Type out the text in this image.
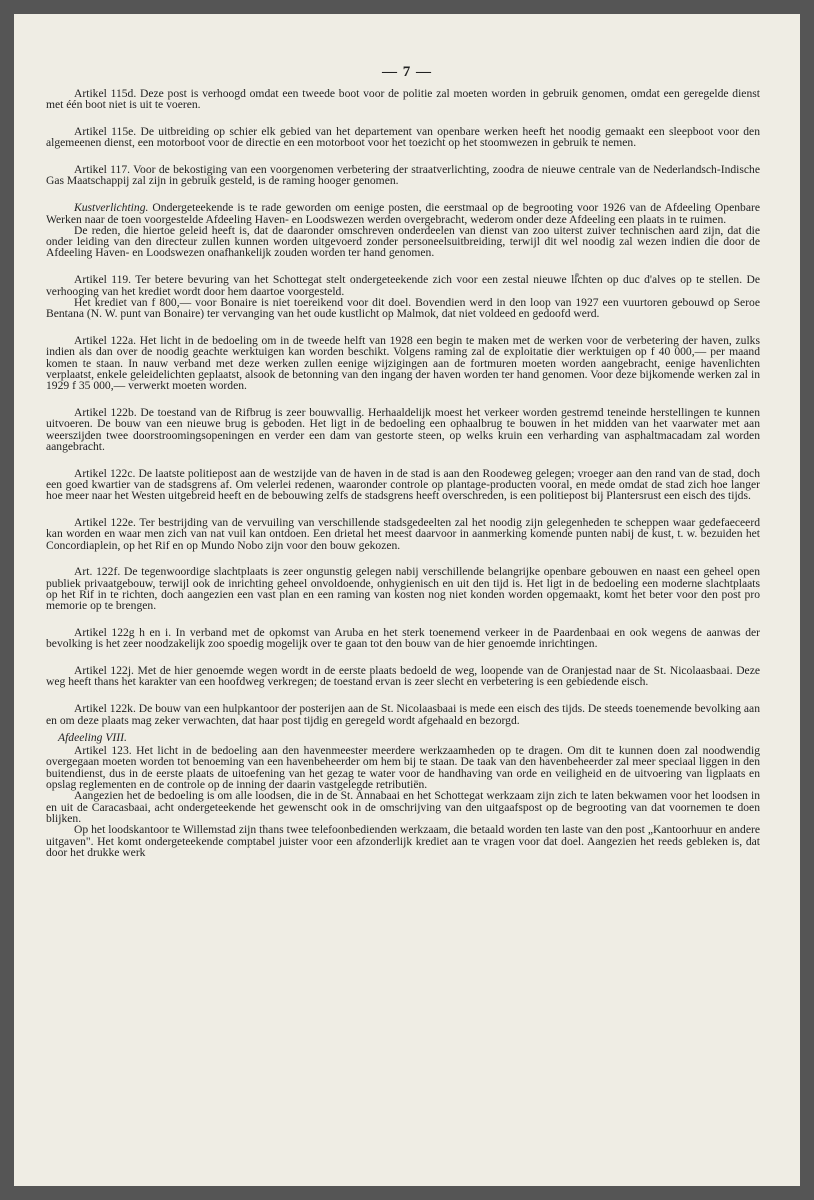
— 7 —

Artikel 115d. Deze post is verhoogd omdat een tweede boot voor de politie zal moeten worden in gebruik genomen, omdat een geregelde dienst met één boot niet is uit te voeren.

Artikel 115e. De uitbreiding op schier elk gebied van het departement van openbare werken heeft het noodig gemaakt een sleepboot voor den algemeenen dienst, een motorboot voor de directie en een motorboot voor het toezicht op het stoomwezen in gebruik te nemen.

Artikel 117. Voor de bekostiging van een voorgenomen verbetering der straatverlichting, zoodra de nieuwe centrale van de Nederlandsch-Indische Gas Maatschappij zal zijn in gebruik gesteld, is de raming hooger genomen.

Kustverlichting. Ondergeteekende is te rade geworden om eenige posten, die eerstmaal op de begrooting voor 1926 van de Afdeeling Openbare Werken naar de toen voorgestelde Afdeeling Haven- en Loodswezen werden overgebracht, wederom onder deze Afdeeling een plaats in te ruimen.

De reden, die hiertoe geleid heeft is, dat de daaronder omschreven onderdeelen van dienst van zoo uiterst zuiver technischen aard zijn, dat die onder leiding van den directeur zullen kunnen worden uitgevoerd zonder personeelsuitbreiding, terwijl dit wel noodig zal wezen indien die door de Afdeeling Haven- en Loodswezen onafhankelijk zouden worden ter hand genomen.

Artikel 119. Ter betere bevuring van het Schottegat stelt ondergeteekende zich voor een zestal nieuwe lichten op duc d'alves op te stellen. De verhooging van het krediet wordt door hem daartoe voorgesteld.

Het krediet van f 800,— voor Bonaire is niet toereikend voor dit doel. Bovendien werd in den loop van 1927 een vuurtoren gebouwd op Seroe Bentana (N. W. punt van Bonaire) ter vervanging van het oude kustlicht op Malmok, dat niet voldeed en gedoofd werd.

Artikel 122a. Het licht in de bedoeling om in de tweede helft van 1928 een begin te maken met de werken voor de verbetering der haven, zulks indien als dan over de noodig geachte werktuigen kan worden beschikt. Volgens raming zal de exploitatie dier werktuigen op f 40 000,— per maand komen te staan. In nauw verband met deze werken zullen eenige wijzigingen aan de fortmuren moeten worden aangebracht, eenige havenlichten verplaatst, enkele geleidelichten geplaatst, alsook de betonning van den ingang der haven worden ter hand genomen. Voor deze bijkomende werken zal in 1929 f 35 000,— verwerkt moeten worden.

Artikel 122b. De toestand van de Rifbrug is zeer bouwvallig. Herhaaldelijk moest het verkeer worden gestremd teneinde herstellingen te kunnen uitvoeren. De bouw van een nieuwe brug is geboden. Het ligt in de bedoeling een ophaalbrug te bouwen in het midden van het vaarwater met aan weerszijden twee doorstroomingsopeningen en verder een dam van gestorte steen, op welks kruin een verharding van asphaltmacadam zal worden aangebracht.

Artikel 122c. De laatste politiepost aan de westzijde van de haven in de stad is aan den Roodeweg gelegen; vroeger aan den rand van de stad, doch een goed kwartier van de stadsgrens af. Om velerlei redenen, waaronder controle op plantage-producten vooral, en mede omdat de stad zich hoe langer hoe meer naar het Westen uitgebreid heeft en de bebouwing zelfs de stadsgrens heeft overschreden, is een politiepost bij Plantersrust een eisch des tijds.

Artikel 122e. Ter bestrijding van de vervuiling van verschillende stadsgedeelten zal het noodig zijn gelegenheden te scheppen waar gedefaeceerd kan worden en waar men zich van nat vuil kan ontdoen. Een drietal het meest daarvoor in aanmerking komende punten nabij de kust, t. w. bezuiden het Concordiaplein, op het Rif en op Mundo Nobo zijn voor den bouw gekozen.

Art. 122f. De tegenwoordige slachtplaats is zeer ongunstig gelegen nabij verschillende belangrijke openbare gebouwen en naast een geheel open publiek privaatgebouw, terwijl ook de inrichting geheel onvoldoende, onhygienisch en uit den tijd is. Het ligt in de bedoeling een moderne slachtplaats op het Rif in te richten, doch aangezien een vast plan en een raming van kosten nog niet konden worden opgemaakt, komt het beter voor den post pro memorie op te brengen.

Artikel 122g h en i. In verband met de opkomst van Aruba en het sterk toenemend verkeer in de Paardenbaai en ook wegens de aanwas der bevolking is het zeer noodzakelijk zoo spoedig mogelijk over te gaan tot den bouw van de hier genoemde inrichtingen.

Artikel 122j. Met de hier genoemde wegen wordt in de eerste plaats bedoeld de weg, loopende van de Oranjestad naar de St. Nicolaasbaai. Deze weg heeft thans het karakter van een hoofdweg verkregen; de toestand ervan is zeer slecht en verbetering is een gebiedende eisch.

Artikel 122k. De bouw van een hulpkantoor der posterijen aan de St. Nicolaasbaai is mede een eisch des tijds. De steeds toenemende bevolking aan en om deze plaats mag zeker verwachten, dat haar post tijdig en geregeld wordt afgehaald en bezorgd.

Afdeeling VIII.

Artikel 123. Het licht in de bedoeling aan den havenmeester meerdere werkzaamheden op te dragen. Om dit te kunnen doen zal noodwendig overgegaan moeten worden tot benoeming van een havenbeheerder om hem bij te staan. De taak van den havenbeheerder zal meer speciaal liggen in den buitendienst, dus in de eerste plaats de uitoefening van het gezag te water voor de handhaving van orde en veiligheid en de uitvoering van ligplaats en opslag reglementen en de controle op de inning der daarin vastgelegde retributiën.

Aangezien het de bedoeling is om alle loodsen, die in de St. Annabaai en het Schottegat werkzaam zijn zich te laten bekwamen voor het loodsen in en uit de Caracasbaai, acht ondergeteekende het gewenscht ook in de omschrijving van den uitgaafspost op de begrooting van dat voornemen te doen blijken.

Op het loodskantoor te Willemstad zijn thans twee telefoonbedienden werkzaam, die betaald worden ten laste van den post „Kantoorhuur en andere uitgaven". Het komt ondergeteekende comptabel juister voor een afzonderlijk krediet aan te vragen voor dat doel. Aangezien het reeds gebleken is, dat door het drukke werk
